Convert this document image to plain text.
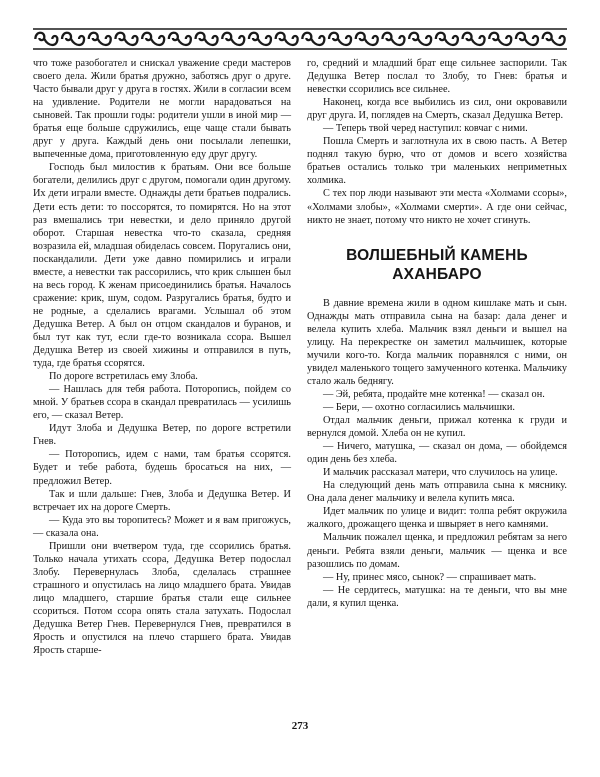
что тоже разобогател и снискал уважение среди мастеров своего дела. Жили братья дружно, заботясь друг о друге. Часто бывали друг у друга в гостях. Жили в согласии всем на удивление. Родители не могли нарадоваться на сыновей. Так прошли годы: родители ушли в иной мир — братья еще больше сдружились, еще чаще стали бывать друг у друга. Каждый день они посылали лепешки, выпеченные дома, приготовленную еду друг другу.

Господь был милостив к братьям. Они все больше богатели, делились друг с другом, помогали один другому. Их дети играли вместе. Однажды дети братьев подрались. Дети есть дети: то поссорятся, то помирятся. Но на этот раз вмешались три невестки, и дело приняло другой оборот. Старшая невестка что-то сказала, средняя возразила ей, младшая обиделась совсем. Поругались они, поскандалили. Дети уже давно помирились и играли вместе, а невестки так рассорились, что крик слышен был на весь город. К женам присоединились братья. Началось сражение: крик, шум, содом. Разругались братья, будто и не родные, а сделались врагами. Услышал об этом Дедушка Ветер. А был он отцом скандалов и буранов, и был тут как тут, если где-то возникала ссора. Вышел Дедушка Ветер из своей хижины и отправился в путь, туда, где братья ссорятся.

По дороге встретилась ему Злоба.

— Нашлась для тебя работа. Поторопись, пойдем со мной. У братьев ссора в скандал превратилась — усилишь его, — сказал Ветер.

Идут Злоба и Дедушка Ветер, по дороге встретили Гнев.

— Поторопись, идем с нами, там братья ссорятся. Будет и тебе работа, будешь бросаться на них, — предложил Ветер.

Так и шли дальше: Гнев, Злоба и Дедушка Ветер. И встречает их на дороге Смерть.

— Куда это вы торопитесь? Может и я вам пригожусь, — сказала она.

Пришли они вчетвером туда, где ссорились братья. Только начала утихать ссора, Дедушка Ветер подослал Злобу. Перевернулась Злоба, сделалась страшнее страшного и опустилась на лицо младшего брата. Увидав лицо младшего, старшие братья стали еще сильнее ссориться. Потом ссора опять стала затухать. Подослал Дедушка Ветер Гнев. Перевернулся Гнев, превратился в Ярость и опустился на плечо старшего брата. Увидав Ярость старше-

го, средний и младший брат еще сильнее заспорили. Так Дедушка Ветер послал то Злобу, то Гнев: братья и невестки ссорились все сильнее.

Наконец, когда все выбились из сил, они окровавили друг друга. И, поглядев на Смерть, сказал Дедушка Ветер.

— Теперь твой черед наступил: ковчаг с ними.

Пошла Смерть и заглотнула их в свою пасть. А Ветер поднял такую бурю, что от домов и всего хозяйства братьев остались только три маленьких неприметных холмика.

С тех пор люди называют эти места «Холмами ссоры», «Холмами злобы», «Холмами смерти». А где они сейчас, никто не знает, потому что никто не хочет сгинуть.

ВОЛШЕБНЫЙ КАМЕНЬ
АХАНБАРО

В давние времена жили в одном кишлаке мать и сын. Однажды мать отправила сына на базар: дала денег и велела купить хлеба. Мальчик взял деньги и вышел на улицу. На перекрестке он заметил мальчишек, которые мучили кого-то. Когда мальчик поравнялся с ними, он увидел маленького тощего замученного котенка. Мальчику стало жаль беднягу.

— Эй, ребята, продайте мне котенка! — сказал он.

— Бери, — охотно согласились мальчишки.

Отдал мальчик деньги, прижал котенка к груди и вернулся домой. Хлеба он не купил.

— Ничего, матушка, — сказал он дома, — обойдемся один день без хлеба.

И мальчик рассказал матери, что случилось на улице.

На следующий день мать отправила сына к мяснику. Она дала денег мальчику и велела купить мяса.

Идет мальчик по улице и видит: толпа ребят окружила жалкого, дрожащего щенка и швыряет в него камнями.

Мальчик пожалел щенка, и предложил ребятам за него деньги. Ребята взяли деньги, мальчик — щенка и все разошлись по домам.

— Ну, принес мясо, сынок? — спрашивает мать.

— Не сердитесь, матушка: на те деньги, что вы мне дали, я купил щенка.

273
